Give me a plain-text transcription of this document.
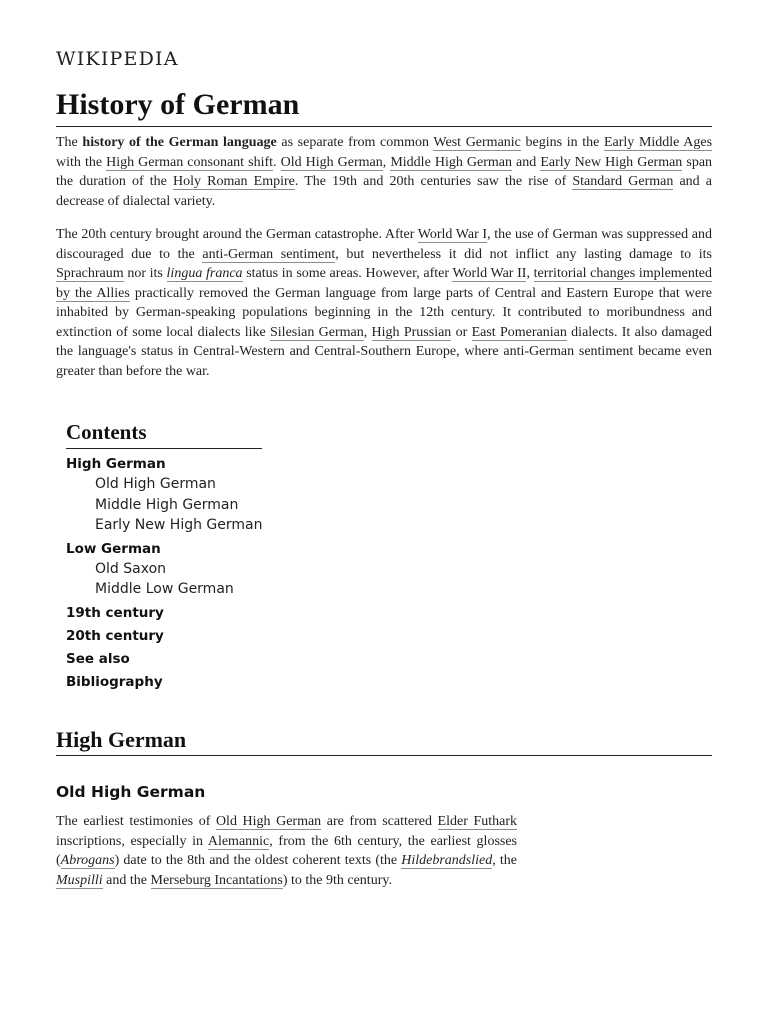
WIKIPEDIA
History of German

The history of the German language as separate from common West Germanic begins in the Early Middle Ages with the High German consonant shift. Old High German, Middle High German and Early New High German span the duration of the Holy Roman Empire. The 19th and 20th centuries saw the rise of Standard German and a decrease of dialectal variety.

The 20th century brought around the German catastrophe. After World War I, the use of German was suppressed and discouraged due to the anti-German sentiment, but nevertheless it did not inflict any lasting damage to its Sprachraum nor its lingua franca status in some areas. However, after World War II, territorial changes implemented by the Allies practically removed the German language from large parts of Central and Eastern Europe that were inhabited by German-speaking populations beginning in the 12th century. It contributed to moribundness and extinction of some local dialects like Silesian German, High Prussian or East Pomeranian dialects. It also damaged the language's status in Central-Western and Central-Southern Europe, where anti-German sentiment became even greater than before the war.

Contents
High German
Old High German
Middle High German
Early New High German
Low German
Old Saxon
Middle Low German
19th century
20th century
See also
Bibliography
High German
Old High German

The earliest testimonies of Old High German are from scattered Elder Futhark inscriptions, especially in Alemannic, from the 6th century, the earliest glosses (Abrogans) date to the 8th and the oldest coherent texts (the Hildebrandslied, the Muspilli and the Merseburg Incantations) to the 9th century.
